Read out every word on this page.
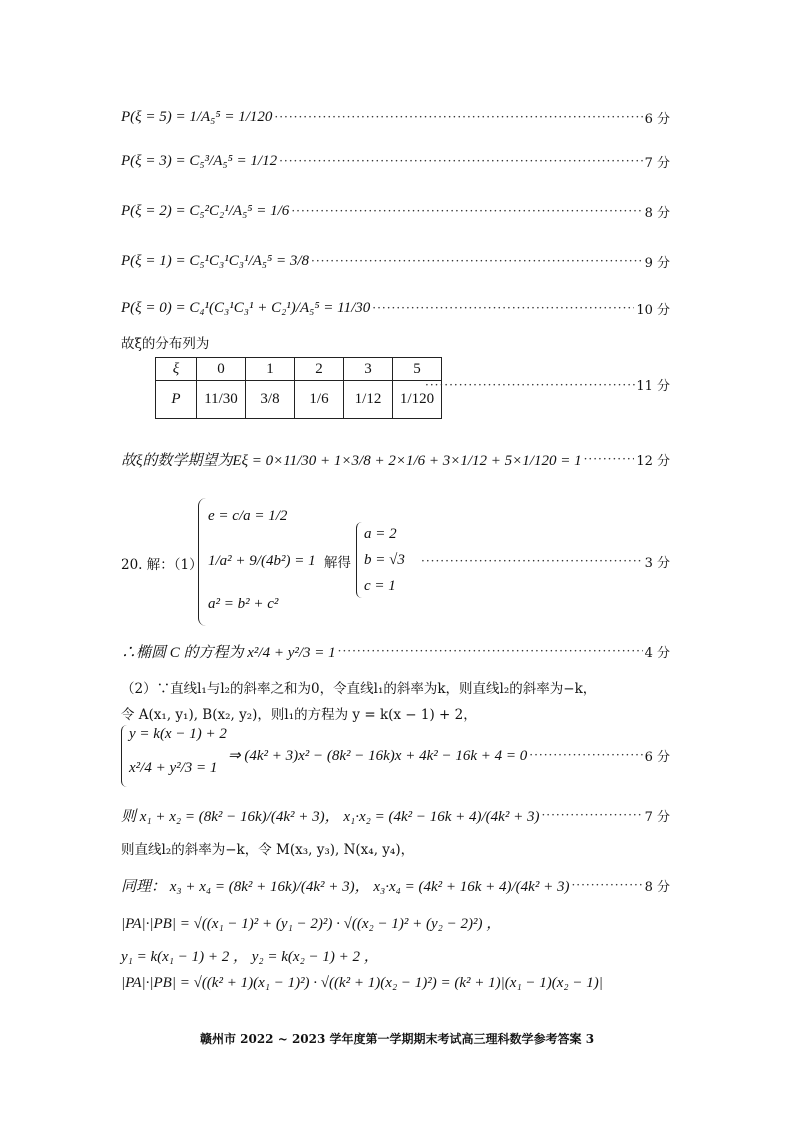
P(ξ = 5) = 1/A₅⁵ = 1/120 ·····	6 分
P(ξ = 3) = C₅³/A₅⁵ = 1/12 ·····	7 分
P(ξ = 2) = C₅²C₂¹/A₅⁵ = 1/6 ·····	8 分
P(ξ = 1) = C₅¹C₃¹C₃¹/A₅⁵ = 3/8 ·····	9 分
P(ξ = 0) = C₄¹(C₃¹C₃¹ + C₂¹)/A₅⁵ = 11/30 ·····	10 分
故ξ的分布列为
ξ	0	1	2	3	5
P	11/30	3/8	1/6	1/12	1/120
·····
11 分
故ξ的数学期望为Eξ = 0×11/30 + 1×3/8 + 2×1/6 + 3×1/12 + 5×1/120 = 1 ·····	12 分
20. 解：（1）
e = c/a = 1/2
1/a² + 9/(4b²) = 1
a² = b² + c²
解得 ·····	3 分
a = 2
b = √3
c = 1
∴椭圆 C 的方程为 x²/4 + y²/3 = 1 ·····	4 分
（2）∵直线l₁与l₂的斜率之和为0，令直线l₁的斜率为k，则直线l₂的斜率为−k，
令 A(x₁, y₁), B(x₂, y₂)，则l₁的方程为 y = k(x − 1) + 2，
y = k(x − 1) + 2
x²/4 + y²/3 = 1
⇒ (4k² + 3)x² − (8k² − 16k)x + 4k² − 16k + 4 = 0 ·····	6 分
则 x₁ + x₂ = (8k² − 16k)/(4k² + 3)， x₁·x₂ = (4k² − 16k + 4)/(4k² + 3) ·····	7 分
则直线l₂的斜率为−k，令 M(x₃, y₃), N(x₄, y₄)，
同理： x₃ + x₄ = (8k² + 16k)/(4k² + 3)， x₃·x₄ = (4k² + 16k + 4)/(4k² + 3) ·····	8 分
|PA|·|PB| = √((x₁ − 1)² + (y₁ − 2)²) · √((x₂ − 1)² + (y₂ − 2)²) ，
y₁ = k(x₁ − 1) + 2 ， y₂ = k(x₂ − 1) + 2 ，
|PA|·|PB| = √((k² + 1)(x₁ − 1)²) · √((k² + 1)(x₂ − 1)²) = (k² + 1)|(x₁ − 1)(x₂ − 1)|
赣州市 2022 ~ 2023 学年度第一学期期末考试高三理科数学参考答案 3
